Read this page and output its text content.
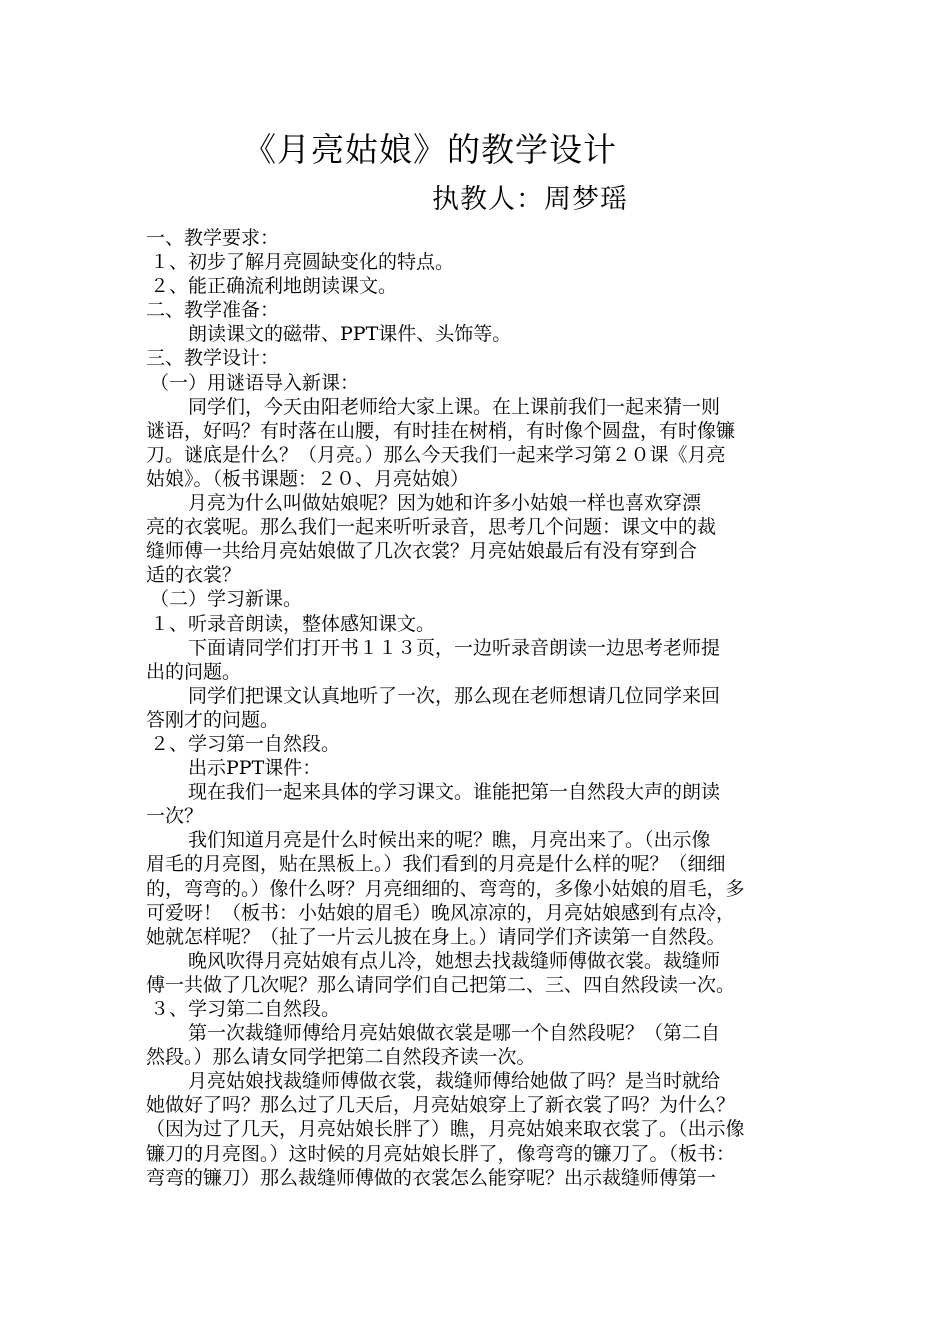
《月亮姑娘》的教学设计
执教人：周梦瑶
一、教学要求：
１、初步了解月亮圆缺变化的特点。
２、能正确流利地朗读课文。
二、教学准备：
朗读课文的磁带、PPT课件、头饰等。
三、教学设计：
（一）用谜语导入新课：
同学们，今天由阳老师给大家上课。在上课前我们一起来猜一则
谜语，好吗？有时落在山腰，有时挂在树梢，有时像个圆盘，有时像镰
刀。谜底是什么？（月亮。）那么今天我们一起来学习第２０课《月亮
姑娘》。（板书课题：２０、月亮姑娘）
月亮为什么叫做姑娘呢？因为她和许多小姑娘一样也喜欢穿漂
亮的衣裳呢。那么我们一起来听听录音，思考几个问题：课文中的裁
缝师傅一共给月亮姑娘做了几次衣裳？月亮姑娘最后有没有穿到合
适的衣裳？
（二）学习新课。
１、听录音朗读，整体感知课文。
下面请同学们打开书１１３页，一边听录音朗读一边思考老师提
出的问题。
同学们把课文认真地听了一次，那么现在老师想请几位同学来回
答刚才的问题。
２、学习第一自然段。
出示PPT课件：
现在我们一起来具体的学习课文。谁能把第一自然段大声的朗读
一次？
我们知道月亮是什么时候出来的呢？瞧，月亮出来了。（出示像
眉毛的月亮图，贴在黑板上。）我们看到的月亮是什么样的呢？（细细
的，弯弯的。）像什么呀？月亮细细的、弯弯的，多像小姑娘的眉毛，多
可爱呀！（板书：小姑娘的眉毛）晚风凉凉的，月亮姑娘感到有点冷，
她就怎样呢？（扯了一片云儿披在身上。）请同学们齐读第一自然段。
晚风吹得月亮姑娘有点儿冷，她想去找裁缝师傅做衣裳。裁缝师
傅一共做了几次呢？那么请同学们自己把第二、三、四自然段读一次。
３、学习第二自然段。
第一次裁缝师傅给月亮姑娘做衣裳是哪一个自然段呢？（第二自
然段。）那么请女同学把第二自然段齐读一次。
月亮姑娘找裁缝师傅做衣裳，裁缝师傅给她做了吗？是当时就给
她做好了吗？那么过了几天后，月亮姑娘穿上了新衣裳了吗？为什么？
（因为过了几天，月亮姑娘长胖了）瞧，月亮姑娘来取衣裳了。（出示像
镰刀的月亮图。）这时候的月亮姑娘长胖了，像弯弯的镰刀了。（板书：
弯弯的镰刀）那么裁缝师傅做的衣裳怎么能穿呢？出示裁缝师傅第一
